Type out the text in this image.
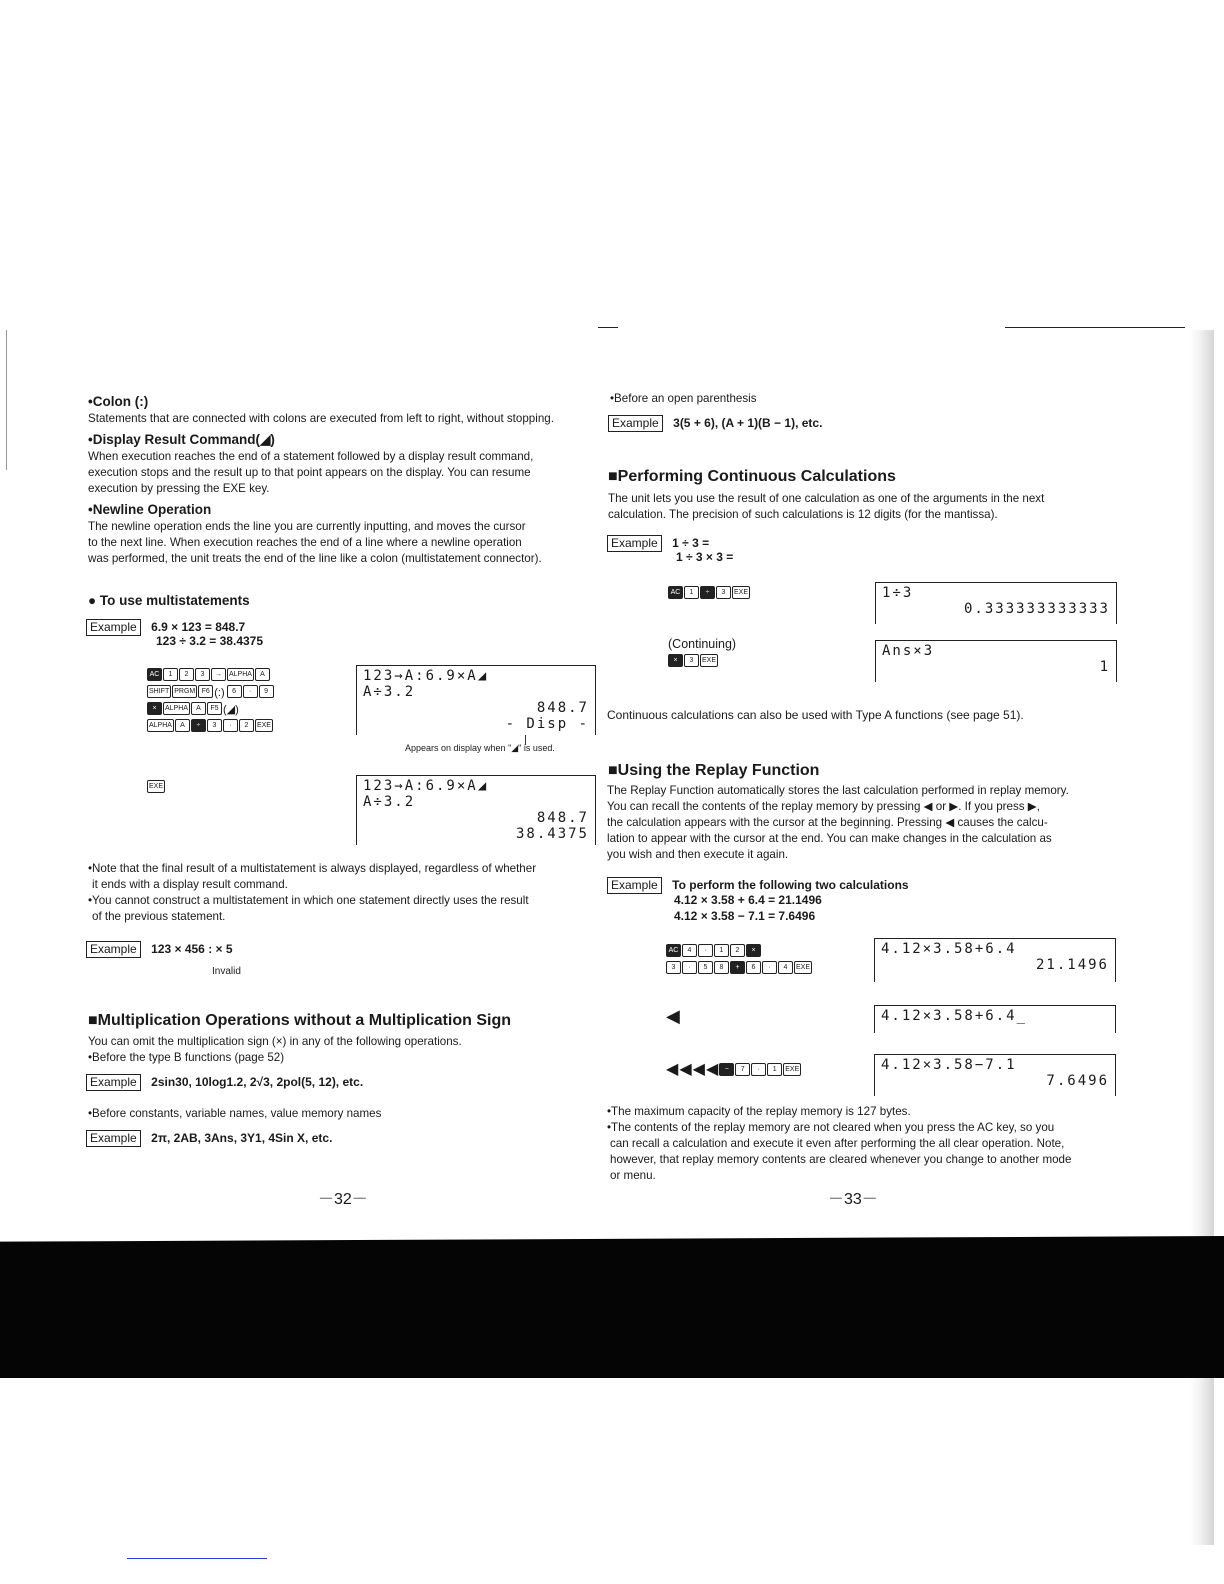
•Colon (:)
Statements that are connected with colons are executed from left to right, without stopping.
•Display Result Command(◢)
When execution reaches the end of a statement followed by a display result command,
execution stops and the result up to that point appears on the display. You can resume
execution by pressing the EXE key.
•Newline Operation
The newline operation ends the line you are currently inputting, and moves the cursor
to the next line. When execution reaches the end of a line where a newline operation
was performed, the unit treats the end of the line like a colon (multistatement connector).
● To use multistatements
Example 6.9 × 123 = 848.7
123 ÷ 3.2 = 38.4375
AC 1 2 3 → ALPHA A
SHIFT PRGM F6 (:) 6 · 9
× ALPHA A F5 (◢)
ALPHA A ÷ 3 · 2 EXE
123→A:6.9×A◢
A÷3.2
848.7
- Disp -
Appears on display when "◢" is used.
EXE	123→A:6.9×A◢
A÷3.2
848.7
38.4375
•Note that the final result of a multistatement is always displayed, regardless of whether
it ends with a display result command.
•You cannot construct a multistatement in which one statement directly uses the result
of the previous statement.
Example 123 × 456 : × 5
Invalid
■Multiplication Operations without a Multiplication Sign
You can omit the multiplication sign (×) in any of the following operations.
•Before the type B functions (page 52)
Example 2sin30, 10log1.2, 2√3, 2pol(5, 12), etc.
•Before constants, variable names, value memory names
Example 2π, 2AB, 3Ans, 3Y1, 4Sin X, etc.
－32－
•Before an open parenthesis
Example 3(5 + 6), (A + 1)(B − 1), etc.
■Performing Continuous Calculations
The unit lets you use the result of one calculation as one of the arguments in the next
calculation. The precision of such calculations is 12 digits (for the mantissa).
Example 1 ÷ 3 =
1 ÷ 3 × 3 =
AC 1 ÷ 3 EXE	1÷3
0.333333333333
(Continuing)
× 3 EXE
Ans×3
1
Continuous calculations can also be used with Type A functions (see page 51).
■Using the Replay Function
The Replay Function automatically stores the last calculation performed in replay memory.
You can recall the contents of the replay memory by pressing ◀ or ▶. If you press ▶,
the calculation appears with the cursor at the beginning. Pressing ◀ causes the calcu-
lation to appear with the cursor at the end. You can make changes in the calculation as
you wish and then execute it again.
Example To perform the following two calculations
4.12 × 3.58 + 6.4 = 21.1496
4.12 × 3.58 − 7.1 = 7.6496
AC 4 · 1 2 ×
3 · 5 8 + 6 · 4 EXE
4.12×3.58+6.4
21.1496
◀	4.12×3.58+6.4_
◀◀◀◀ − 7 · 1 EXE	4.12×3.58−7.1
7.6496
•The maximum capacity of the replay memory is 127 bytes.
•The contents of the replay memory are not cleared when you press the AC key, so you
can recall a calculation and execute it even after performing the all clear operation. Note,
however, that replay memory contents are cleared whenever you change to another mode
or menu.
－33－
